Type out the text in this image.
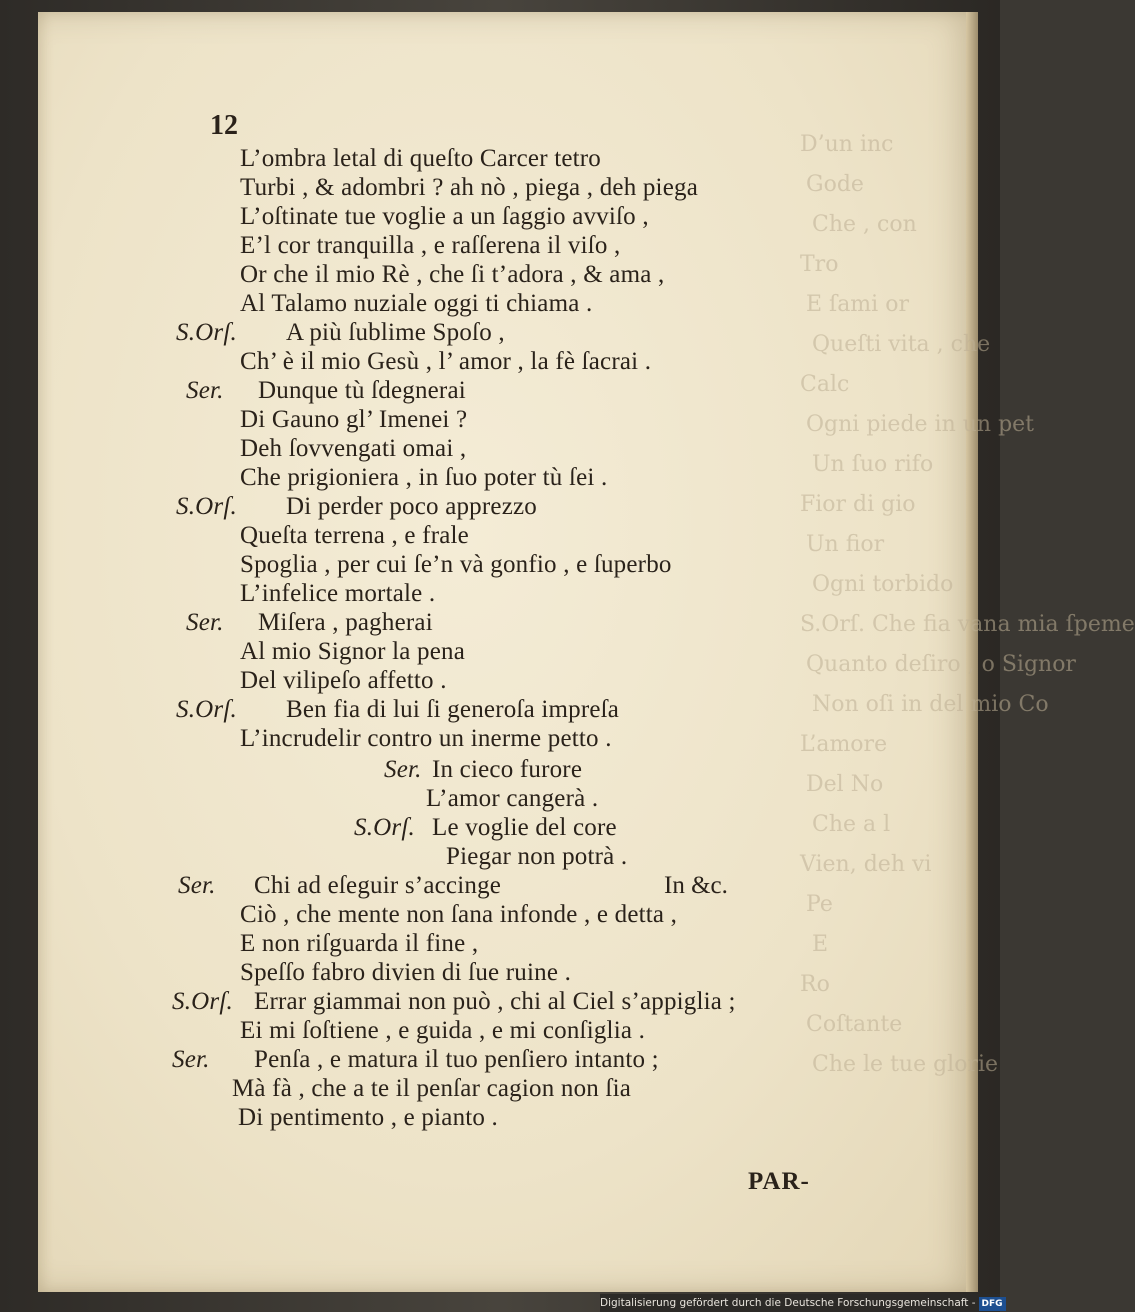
D’un inc
Gode
Che , con
Tro
E ſami or
Queſti vita , che
Calc
Ogni piede in un pet
Un ſuo rifo
Fior di gio
Un fior
Ogni torbido
S.Orſ. Che fia vana mia ſpeme
Quanto deſiro , o Signor
Non oſi in del mio Co
L’amore
Del No
Che a l
Vien, deh vi
Pe
E
Ro
Coſtante
Che le tue glorie
12
L’ombra letal di queſto Carcer tetro
Turbi , & adombri ? ah nò , piega , deh piega
L’oſtinate tue voglie a un ſaggio avviſo ,
E’l cor tranquilla , e raſſerena il viſo ,
Or che il mio Rè , che ſi t’adora , & ama ,
Al Talamo nuziale oggi ti chiama .
S.Orſ. A più ſublime Spoſo ,
Ch’ è il mio Gesù , l’ amor , la fè ſacrai .
Ser. Dunque tù ſdegnerai
Di Gauno gl’ Imenei ?
Deh ſovvengati omai ,
Che prigioniera , in ſuo poter tù ſei .
S.Orſ. Di perder poco apprezzo
Queſta terrena , e frale
Spoglia , per cui ſe’n và gonfio , e ſuperbo
L’infelice mortale .
Ser. Miſera , pagherai
Al mio Signor la pena
Del vilipeſo affetto .
S.Orſ. Ben fia di lui ſi generoſa impreſa
L’incrudelir contro un inerme petto .
Ser. In cieco furore
L’amor cangerà .
S.Orſ. Le voglie del core
Piegar non potrà .
Ser. Chi ad eſeguir s’accinge
Ciò , che mente non ſana infonde , e detta ,
E non riſguarda il fine ,
Speſſo fabro divien di ſue ruine .
S.Orſ. Errar giammai non può , chi al Ciel s’appiglia ;
Ei mi ſoſtiene , e guida , e mi conſiglia .
Ser. Penſa , e matura il tuo penſiero intanto ;
Mà fà , che a te il penſar cagion non ſia
Di pentimento , e pianto .
In &c.
PAR-
Digitalisierung gefördert durch die Deutsche Forschungsgemeinschaft - DFG
